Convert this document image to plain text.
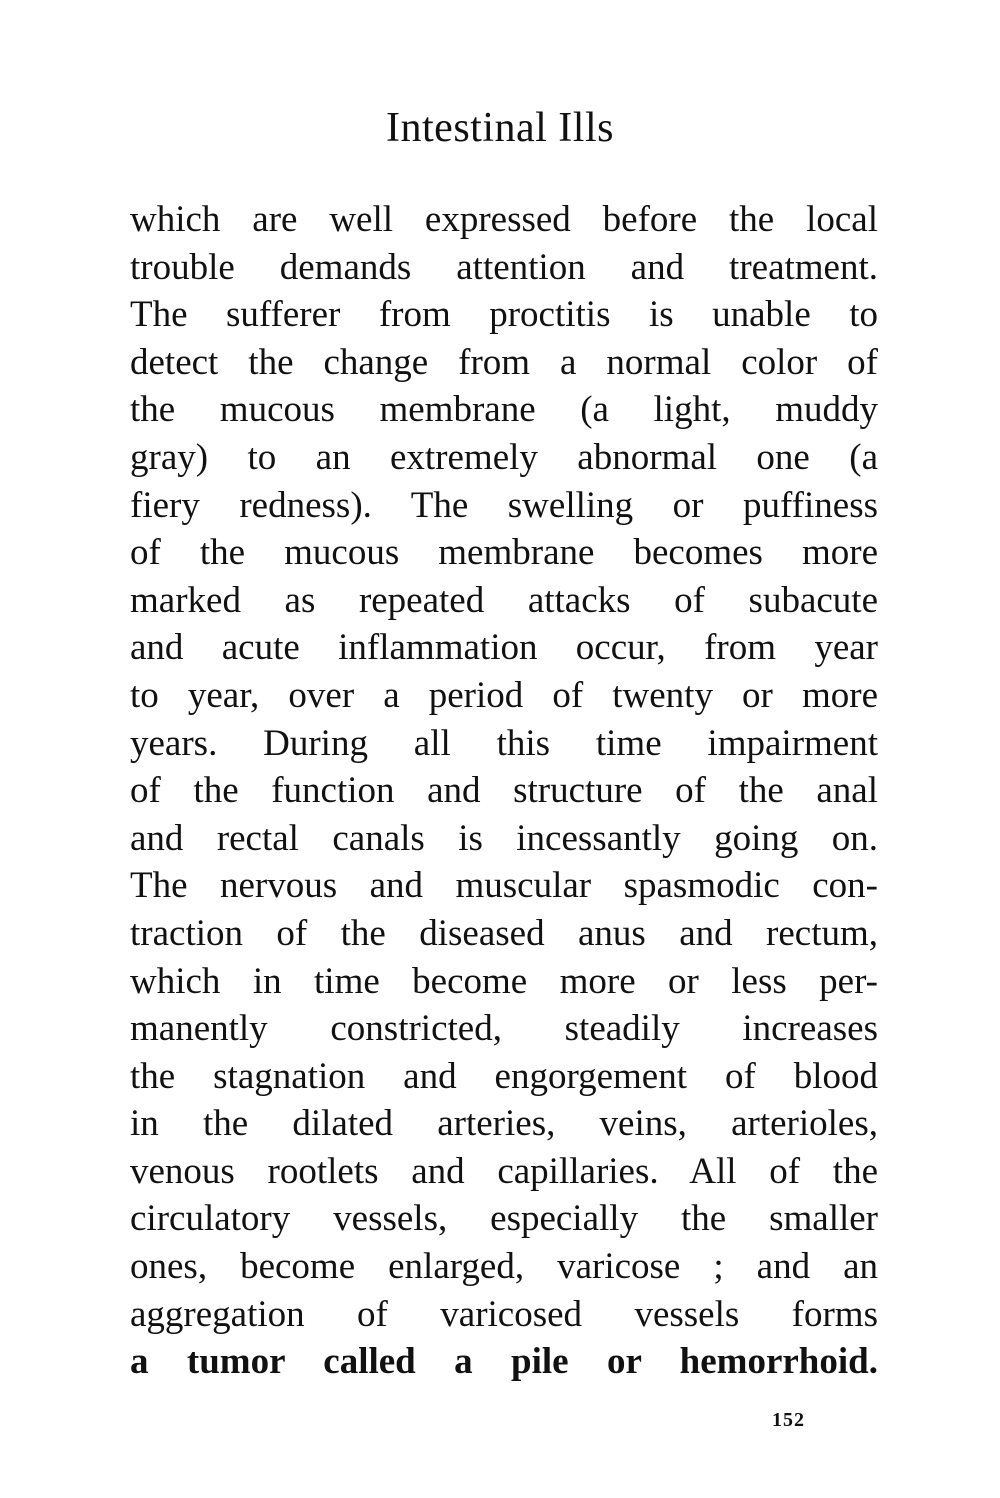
Intestinal Ills
which are well expressed before the local
trouble demands attention and treatment.
The sufferer from proctitis is unable to
detect the change from a normal color of
the mucous membrane (a light, muddy
gray) to an extremely abnormal one (a
fiery redness). The swelling or puffiness
of the mucous membrane becomes more
marked as repeated attacks of subacute
and acute inflammation occur, from year
to year, over a period of twenty or more
years. During all this time impairment
of the function and structure of the anal
and rectal canals is incessantly going on.
The nervous and muscular spasmodic con-
traction of the diseased anus and rectum,
which in time become more or less per-
manently constricted, steadily increases
the stagnation and engorgement of blood
in the dilated arteries, veins, arterioles,
venous rootlets and capillaries. All of the
circulatory vessels, especially the smaller
ones, become enlarged, varicose ; and an
aggregation of varicosed vessels forms
a tumor called a pile or hemorrhoid.
152
